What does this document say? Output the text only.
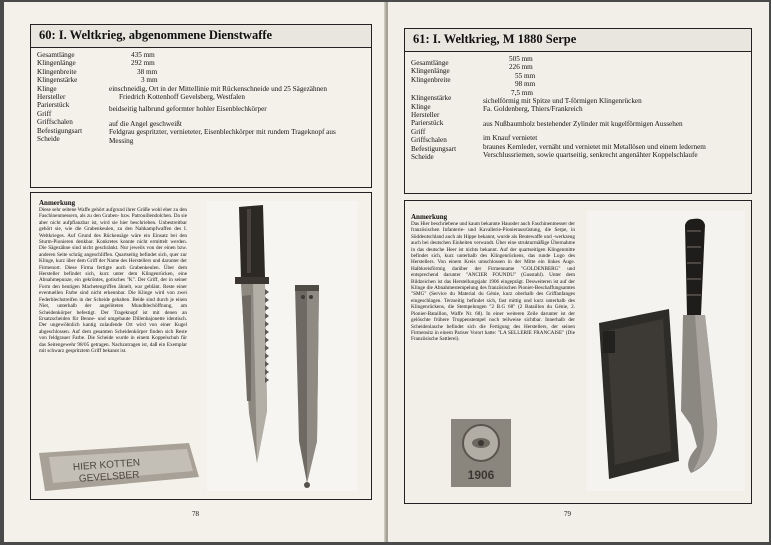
60: I. Weltkrieg, abgenommene Dienstwaffe
Gesamtlänge
Klingenlänge
Klingenbreite
Klingenstärke
Klinge
Hersteller
Parierstück
Griff
Griffschalen
Befestigungsart
Scheide
435 mm
292 mm
38 mm
3 mm
einschneidig, Ort in der Mittellinie mit Rückenschneide und 25 Sägezähnen
Friedrich Kottenhoff Gevelsberg, Westfalen
beidseitig halbrund geformter hohler Eisenblechkörper
auf die Angel geschweißt
Feldgrau gespritzter, vernieteter, Eisenblechkörper mit rundem Trageknopf aus
Messing
Anmerkung
Diese sehr seltene Waffe gehört aufgrund ihrer Größe wohl eher zu den Faschinenmessern, als zu den Graben- bzw. Patrouillendolchen. Da sie aber nicht aufpflanzbar ist, wird sie hier beschrieben. Unbestreitbar gehört sie, wie die Grabenkeulen, zu den Nahkampfwaffen des I. Weltkrieges. Auf Grund des Rückensäge wäre ein Einsatz bei den Sturm-Pionieren denkbar. Konkretes konnte nicht ermittelt werden. Die Sägezähne sind nicht geschränkt. Nur jeweils von der einen bzw. anderen Seite schräg angeschliffen. Quartseitig befindet sich, quer zur Klinge, kurz über dem Griff der Name des Herstellers und darunter der Firmenort. Diese Firma fertigte auch Grabenkeulen. Über dem Hersteller befindet sich, kurz unter dem Klingenrücken, eine Abnahmepunze, ein gekröntes, gotisches "K". Der Griff, der in seiner Form den heutigen Machetengriffen ähnelt, war geblänt. Reste einer eventuellen Farbe sind nicht erkennbar. Die Klinge wird von zwei Federblechstreifen in der Scheide gehalten. Beide sind durch je einen Niet, unterhalb der angelöteten Mundblechöffnung, am Scheidenkörper befestigt. Der Trageknopf ist mit denen an Ersatzscheiden für Benne- und umgebaute Dillenbajonette identisch. Der ungewöhnlich kantig zulaufende Ort wird von einer Kugel abgeschlossen. Auf dem gesamten Scheidenkörper finden sich Reste von feldgrauer Farbe. Die Scheide wurde in einem Koppelschuh für das Seitengewehr 98/05 getragen. Nachzutragen ist, daß ein Exemplar mit schwarz gespritztem Griff bekannt ist.
HIER KOTTEN
GEVELSBER
78
61: I. Weltkrieg, M 1880 Serpe
Gesamtlänge
Klingenlänge
Klingenbreite
Klingenstärke
Klinge
Hersteller
Parierstück
Griff
Griffschalen
Befestigungsart
Scheide
505 mm
226 mm
55 mm
98 mm
7,5 mm
sichelförmig mit Spitze und T-förmigen Klingenrücken
Fa. Goldenberg, Thiers/Frankreich
aus Nußbaumholz bestehender Zylinder mit kugelförmigen Aussehen
im Knauf vernietet
braunes Kernleder, vernäht und vernietet mit Metallösen und einem ledernem
Verschlussriemen, sowie quartseitig, senkrecht angenähter Koppelschlaufe
Anmerkung
Das Hier beschriebene und kaum bekannte Hauoder auch Faschinenmesser der französischen Infanterie- und Kavallerie-Pionierausrüstung, die Serpe, in Süddeutschland auch als Hippe bekannt, wurde als Beutewaffe und -werkzeug auch bei deutschen Einheiten verwandt. Über eine strukturmäßige Übernahme in das deutsche Heer ist nichts bekannt. Auf der quartseitigen Klingenmitte befindet sich, kurz unterhalb des Klingenrückens, das runde Logo des Herstellers. Von einem Kreis umschlossen in der Mitte ein linkes Auge. Halbkreisförmig darüber der Firmenname "GOLDENBERG" und entsprechend darunter "ANCIER FOUNDU" (Gusstahl). Unter dem Bildzeichen ist das Herstellungsjahr 1906 eingeprägt. Desweiteren ist auf der Klinge die Abnahmestempelung des französischen Pionier-Beschaffungsamtes "SMG" (Service du Material du Génie, kurz oberhalb des Griffanfanges eingeschlagen. Terzseitig befindet sich, fast mittig und kurz unterhalb des Klingenrückens, die Stempelungen "2 B.G 68" (2 Bataillon du Génie, 2. Pionier-Bataillon, Waffe Nr. 68). In einer weiteren Zeile darunter ist der gelöschte frühere Truppenstempel noch teilweise sichtbar. Innerhalb der Scheidenlasche befindet sich die Fertigung des Herstellers, der seinen Firmensitz in einem Pariser Vorort hatte: "LA SELLERIE FRANCAISE" (Die Französische Sattlerei).
1906
79
